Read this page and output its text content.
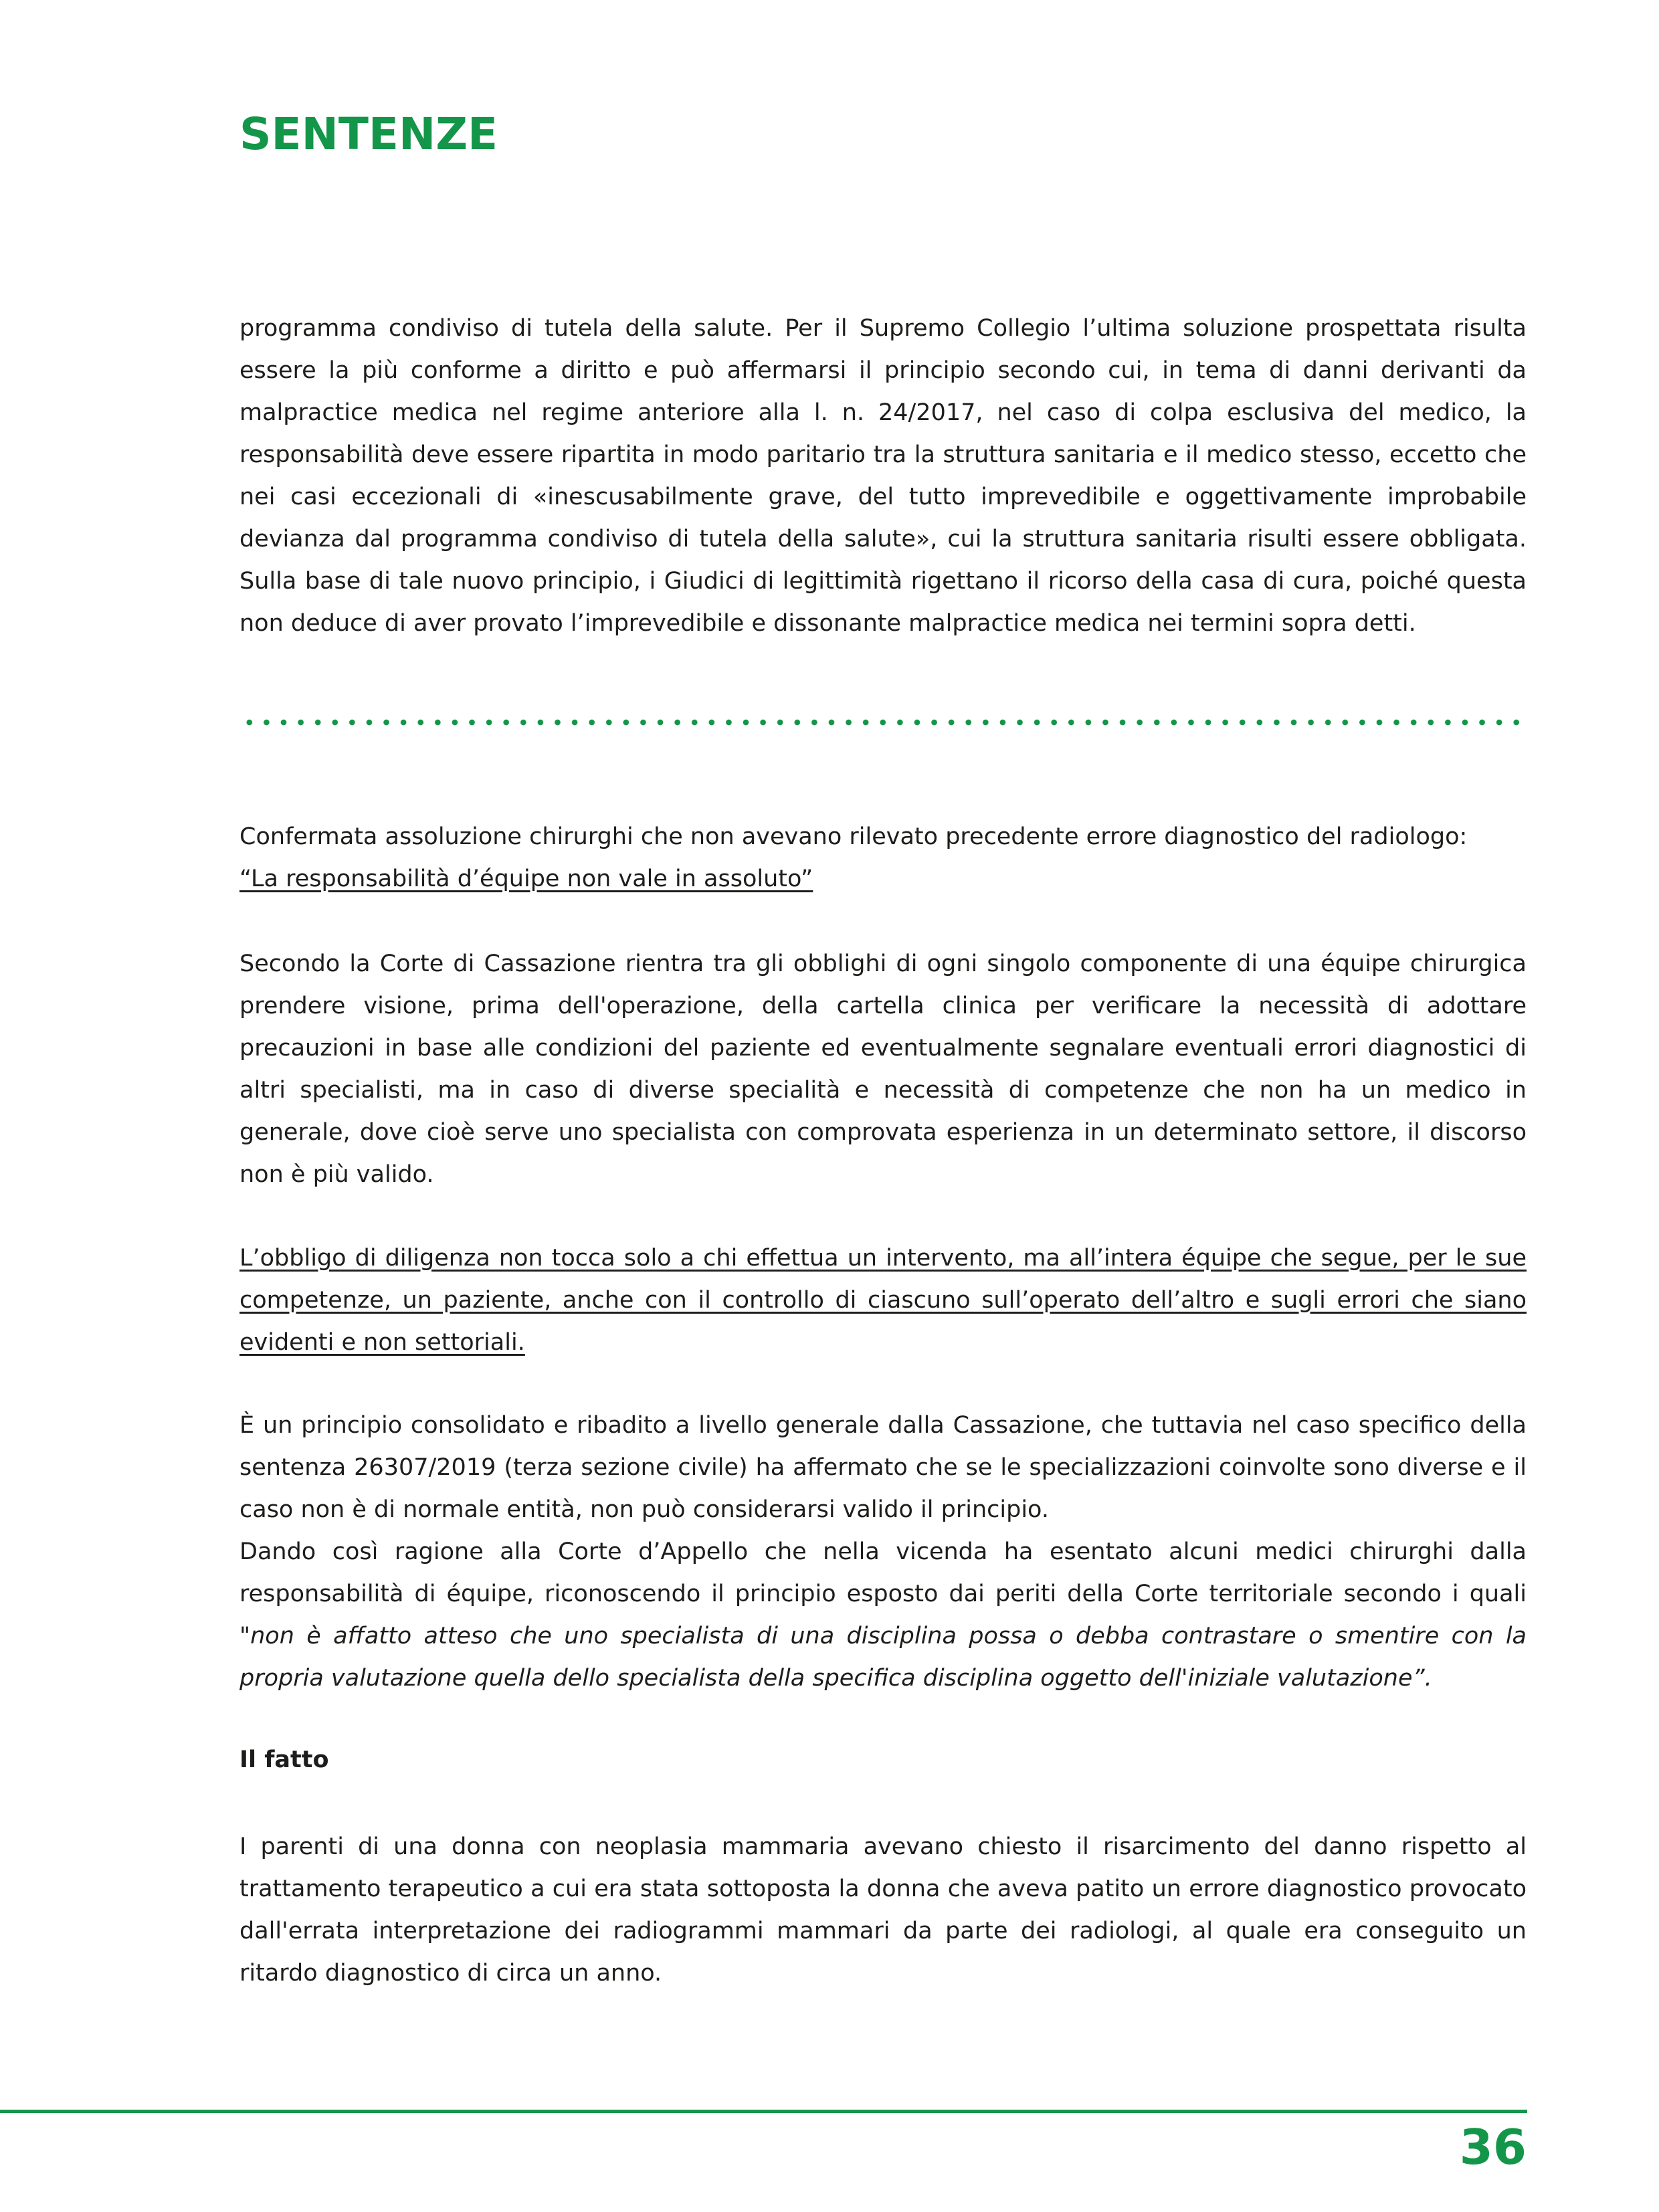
SENTENZE

programma condiviso di tutela della salute. Per il Supremo Collegio l’ultima soluzione prospettata risulta essere la più conforme a diritto e può affermarsi il principio secondo cui, in tema di danni derivanti da malpractice medica nel regime anteriore alla l. n. 24/2017, nel caso di colpa esclusiva del medico, la responsabilità deve essere ripartita in modo paritario tra la struttura sanitaria e il medico stesso, eccetto che nei casi eccezionali di «inescusabilmente grave, del tutto imprevedibile e oggettivamente improbabile devianza dal programma condiviso di tutela della salute», cui la struttura sanitaria risulti essere obbligata. Sulla base di tale nuovo principio, i Giudici di legittimità rigettano il ricorso della casa di cura, poiché questa non deduce di aver provato l’imprevedibile e dissonante malpractice medica nei termini sopra detti.

Confermata assoluzione chirurghi che non avevano rilevato precedente errore diagnostico del radiologo:
“La responsabilità d’équipe non vale in assoluto”

Secondo la Corte di Cassazione rientra tra gli obblighi di ogni singolo componente di una équipe chirurgica prendere visione, prima dell'operazione, della cartella clinica per verificare la necessità di adottare precauzioni in base alle condizioni del paziente ed eventualmente segnalare eventuali errori diagnostici di altri specialisti, ma in caso di diverse specialità e necessità di competenze che non ha un medico in generale, dove cioè serve uno specialista con comprovata esperienza in un determinato settore, il discorso non è più valido.

L’obbligo di diligenza non tocca solo a chi effettua un intervento, ma all’intera équipe che segue, per le sue competenze, un paziente, anche con il controllo di ciascuno sull’operato dell’altro e sugli errori che siano evidenti e non settoriali.

È un principio consolidato e ribadito a livello generale dalla Cassazione, che tuttavia nel caso specifico della sentenza 26307/2019 (terza sezione civile) ha affermato che se le specializzazioni coinvolte sono diverse e il caso non è di normale entità, non può considerarsi valido il principio.
Dando così ragione alla Corte d’Appello che nella vicenda ha esentato alcuni medici chirurghi dalla responsabilità di équipe, riconoscendo il principio esposto dai periti della Corte territoriale secondo i quali "non è affatto atteso che uno specialista di una disciplina possa o debba contrastare o smentire con la propria valutazione quella dello specialista della specifica disciplina oggetto dell'iniziale valutazione”.

Il fatto

I parenti di una donna con neoplasia mammaria avevano chiesto il risarcimento del danno rispetto al trattamento terapeutico a cui era stata sottoposta la donna che aveva patito un errore diagnostico provocato dall'errata interpretazione dei radiogrammi mammari da parte dei radiologi, al quale era conseguito un ritardo diagnostico di circa un anno.

36
